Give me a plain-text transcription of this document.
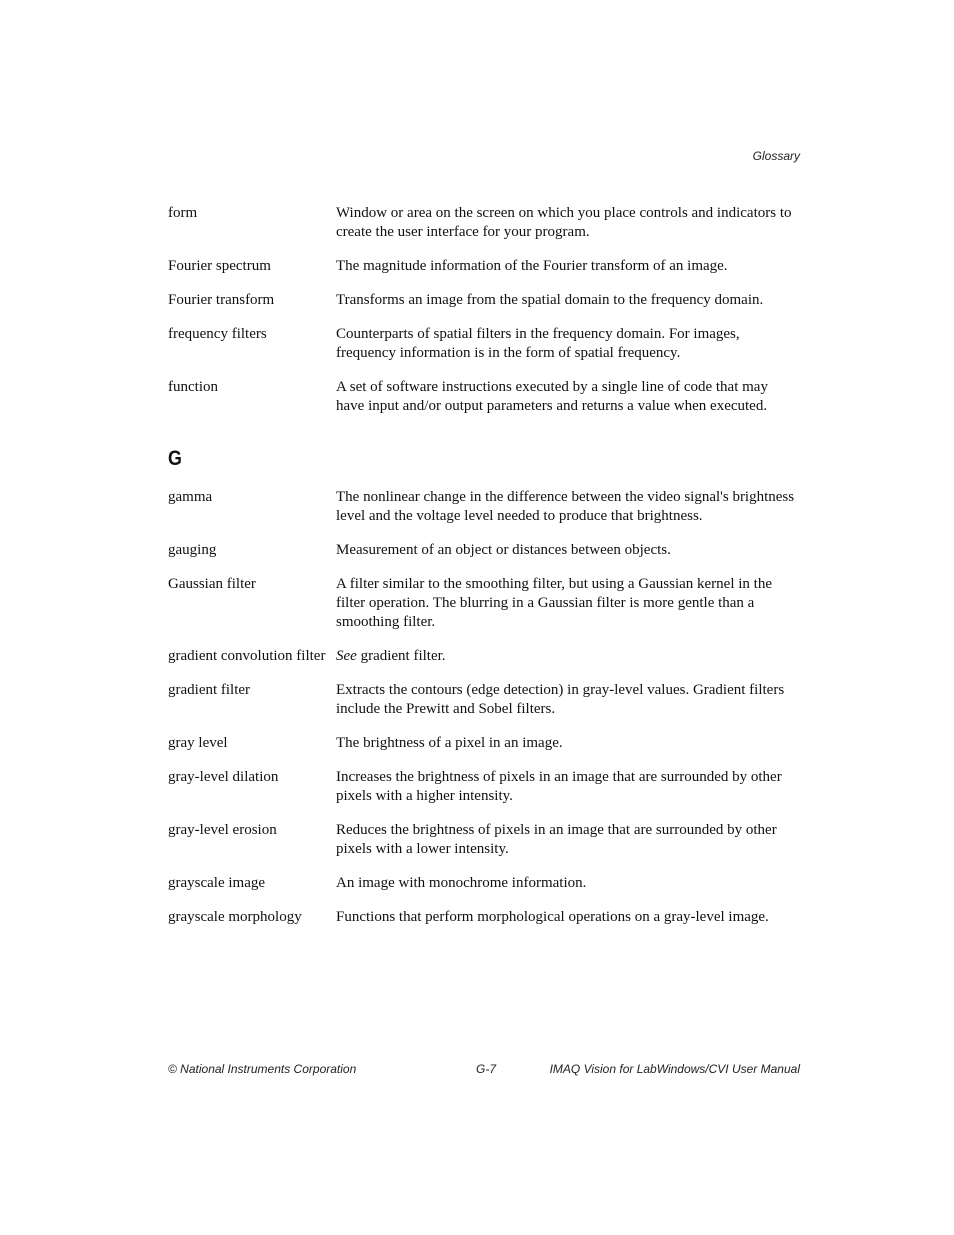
Glossary
form	Window or area on the screen on which you place controls and indicators to create the user interface for your program.
Fourier spectrum	The magnitude information of the Fourier transform of an image.
Fourier transform	Transforms an image from the spatial domain to the frequency domain.
frequency filters	Counterparts of spatial filters in the frequency domain. For images, frequency information is in the form of spatial frequency.
function	A set of software instructions executed by a single line of code that may have input and/or output parameters and returns a value when executed.
G
gamma	The nonlinear change in the difference between the video signal's brightness level and the voltage level needed to produce that brightness.
gauging	Measurement of an object or distances between objects.
Gaussian filter	A filter similar to the smoothing filter, but using a Gaussian kernel in the filter operation. The blurring in a Gaussian filter is more gentle than a smoothing filter.
gradient convolution filter See gradient filter.
gradient filter	Extracts the contours (edge detection) in gray-level values. Gradient filters include the Prewitt and Sobel filters.
gray level	The brightness of a pixel in an image.
gray-level dilation	Increases the brightness of pixels in an image that are surrounded by other pixels with a higher intensity.
gray-level erosion	Reduces the brightness of pixels in an image that are surrounded by other pixels with a lower intensity.
grayscale image	An image with monochrome information.
grayscale morphology	Functions that perform morphological operations on a gray-level image.
© National Instruments Corporation	G-7	IMAQ Vision for LabWindows/CVI User Manual
